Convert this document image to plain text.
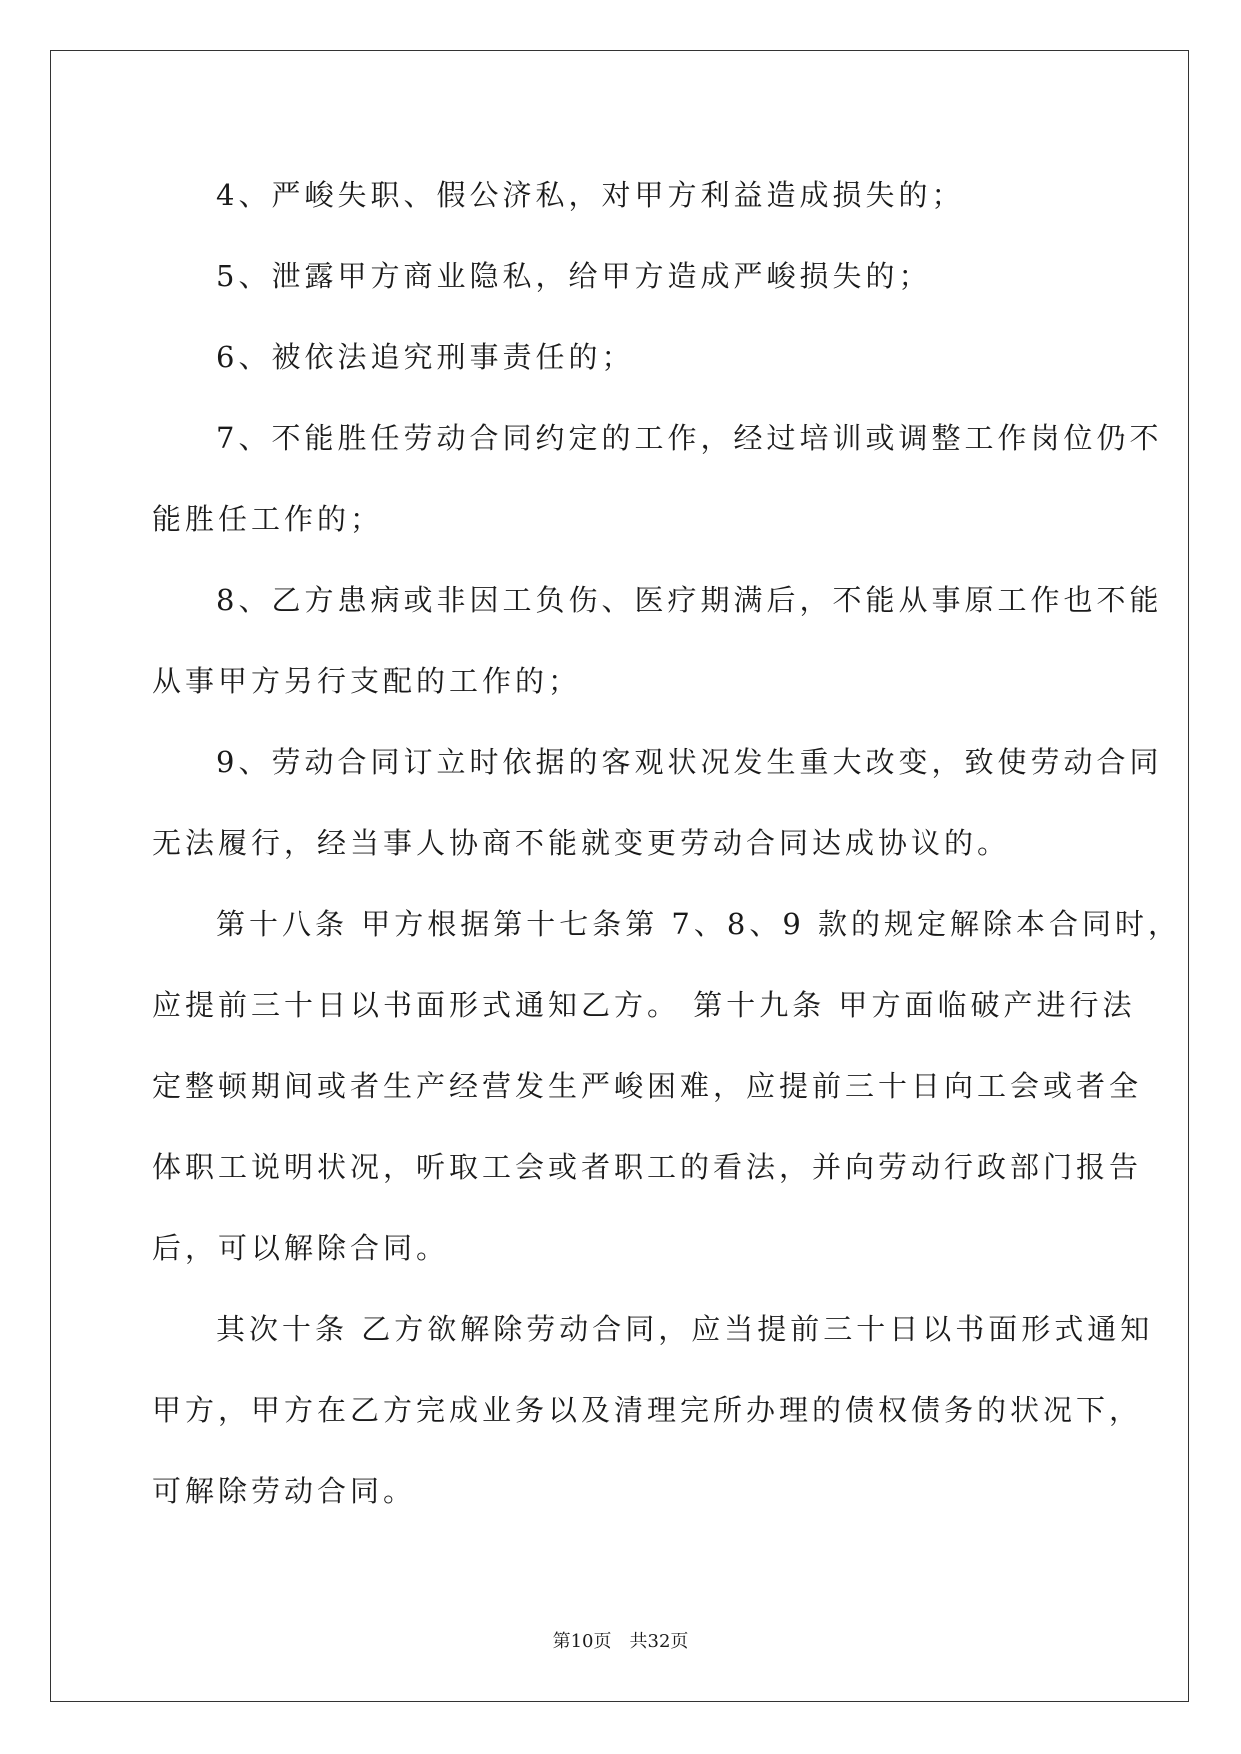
4、严峻失职、假公济私，对甲方利益造成损失的；
5、泄露甲方商业隐私，给甲方造成严峻损失的；
6、被依法追究刑事责任的；
7、不能胜任劳动合同约定的工作，经过培训或调整工作岗位仍不
能胜任工作的；
8、乙方患病或非因工负伤、医疗期满后，不能从事原工作也不能
从事甲方另行支配的工作的；
9、劳动合同订立时依据的客观状况发生重大改变，致使劳动合同
无法履行，经当事人协商不能就变更劳动合同达成协议的。
第十八条 甲方根据第十七条第 7、8、9 款的规定解除本合同时，
应提前三十日以书面形式通知乙方。 第十九条 甲方面临破产进行法
定整顿期间或者生产经营发生严峻困难，应提前三十日向工会或者全
体职工说明状况，听取工会或者职工的看法，并向劳动行政部门报告
后，可以解除合同。
其次十条 乙方欲解除劳动合同，应当提前三十日以书面形式通知
甲方，甲方在乙方完成业务以及清理完所办理的债权债务的状况下，
可解除劳动合同。
第10页　共32页
